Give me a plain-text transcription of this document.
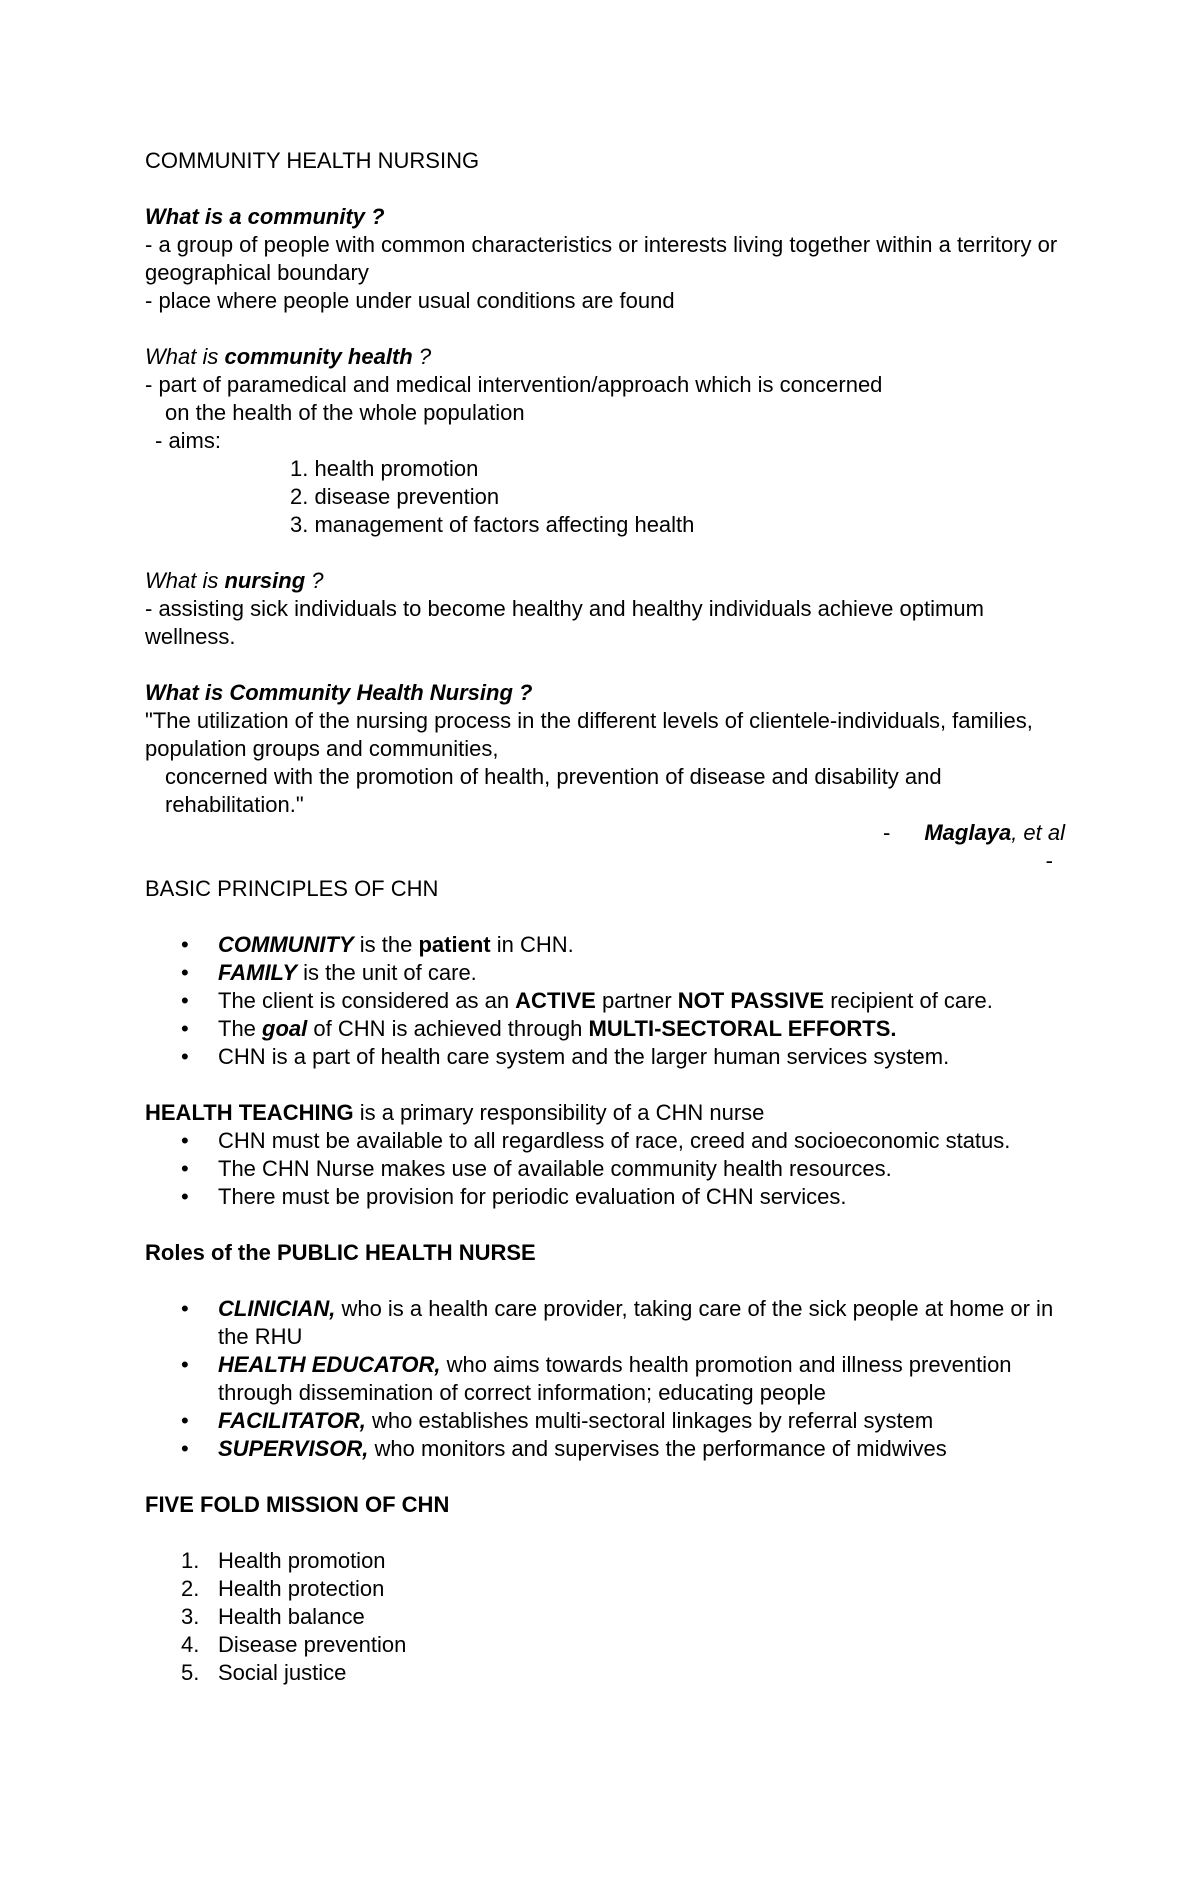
COMMUNITY HEALTH NURSING

What is a community ?

- a group of people with common characteristics or interests living together within a territory or geographical boundary

- place where people under usual conditions are found

What is community health ?

- part of paramedical and medical intervention/approach which is concerned

on the health of the whole population

- aims:

1. health promotion

2. disease prevention

3. management of factors affecting health

What is nursing ?

- assisting sick individuals to become healthy and healthy individuals achieve optimum wellness.

What is Community Health Nursing ?

"The utilization of the nursing process in the different levels of clientele-individuals, families, population groups and communities,

concerned with the promotion of health, prevention of disease and disability and rehabilitation."

- Maglaya, et al

-

BASIC PRINCIPLES OF CHN

• COMMUNITY is the patient in CHN.
• FAMILY is the unit of care.
• The client is considered as an ACTIVE partner NOT PASSIVE recipient of care.
• The goal of CHN is achieved through MULTI-SECTORAL EFFORTS.
• CHN is a part of health care system and the larger human services system.

HEALTH TEACHING is a primary responsibility of a CHN nurse

• CHN must be available to all regardless of race, creed and socioeconomic status.
• The CHN Nurse makes use of available community health resources.
• There must be provision for periodic evaluation of CHN services.

Roles of the PUBLIC HEALTH NURSE

• CLINICIAN, who is a health care provider, taking care of the sick people at home or in the RHU
• HEALTH EDUCATOR, who aims towards health promotion and illness prevention through dissemination of correct information; educating people
• FACILITATOR, who establishes multi-sectoral linkages by referral system
• SUPERVISOR, who monitors and supervises the performance of midwives

FIVE FOLD MISSION OF CHN

1. Health promotion
2. Health protection
3. Health balance
4. Disease prevention
5. Social justice
